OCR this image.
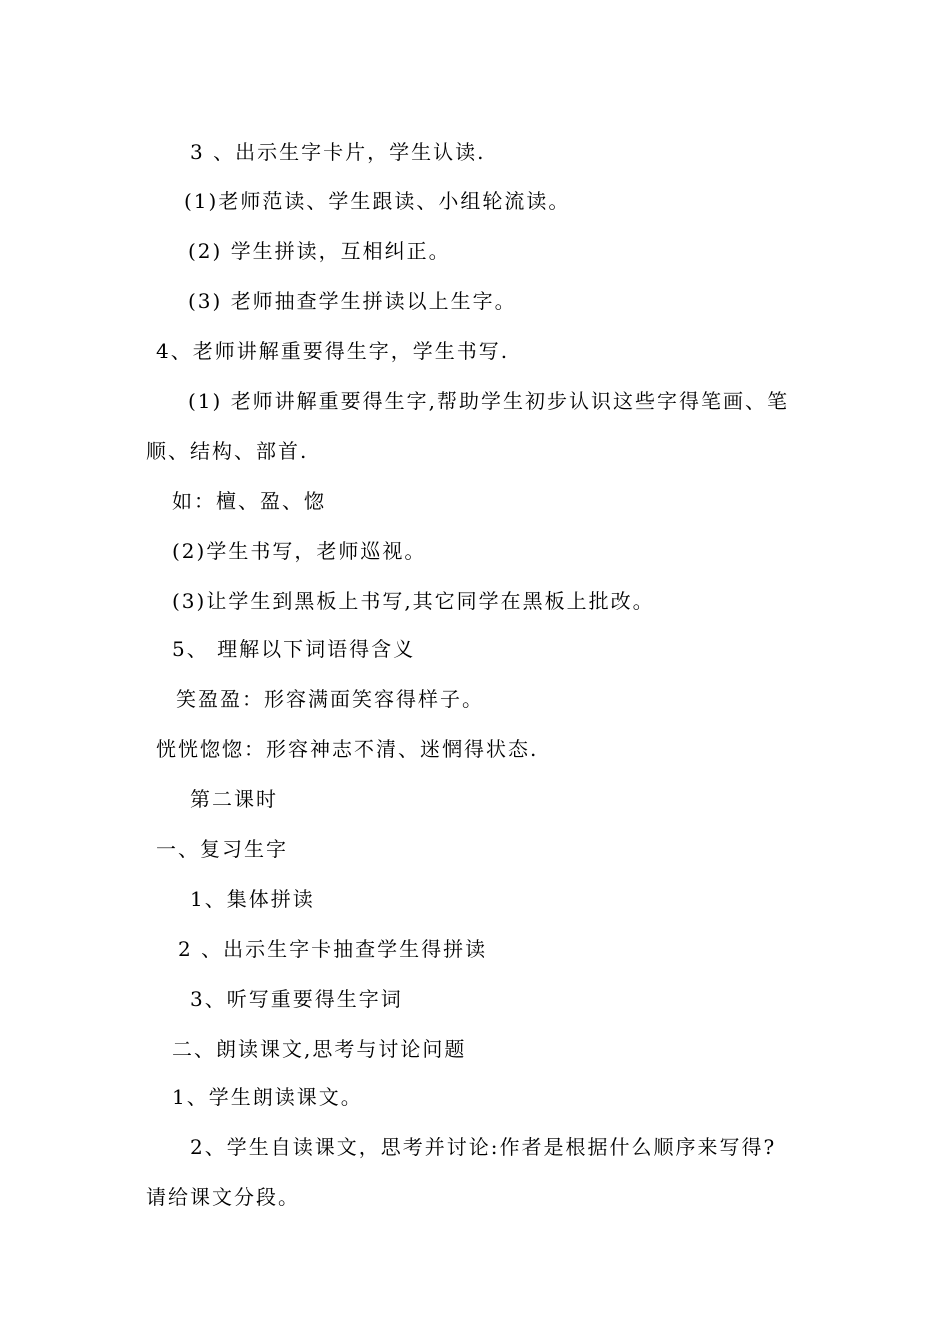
3 、出示生字卡片，学生认读.
(1)老师范读、学生跟读、小组轮流读。
(2) 学生拼读，互相纠正。
(3) 老师抽查学生拼读以上生字。
4、老师讲解重要得生字，学生书写.
(1) 老师讲解重要得生字,帮助学生初步认识这些字得笔画、笔
顺、结构、部首.
如：檀、盈、惚
(2)学生书写，老师巡视。
(3)让学生到黑板上书写,其它同学在黑板上批改。
5、 理解以下词语得含义
笑盈盈：形容满面笑容得样子。
恍恍惚惚：形容神志不清、迷惘得状态.
第二课时
一、复习生字
1、集体拼读
2 、出示生字卡抽查学生得拼读
3、听写重要得生字词
二、朗读课文,思考与讨论问题
1、学生朗读课文。
2、学生自读课文，思考并讨论:作者是根据什么顺序来写得?
请给课文分段。
